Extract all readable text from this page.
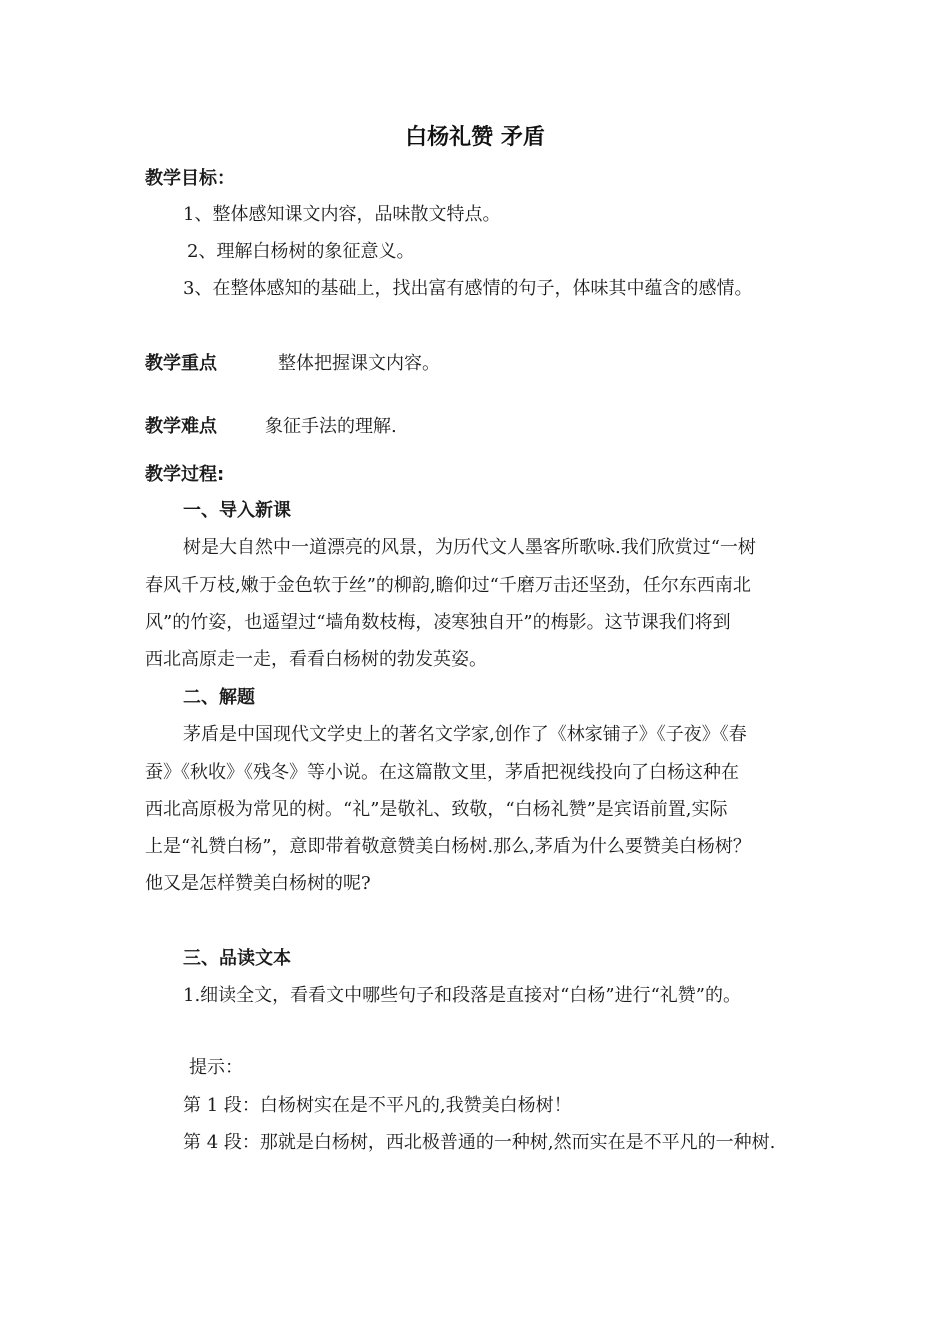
白杨礼赞 矛盾
教学目标：
1、整体感知课文内容，品味散文特点。
2、理解白杨树的象征意义。
3、在整体感知的基础上，找出富有感情的句子，体味其中蕴含的感情。
教学重点	整体把握课文内容。
教学难点	象征手法的理解.
教学过程:
一、导入新课
树是大自然中一道漂亮的风景，为历代文人墨客所歌咏.我们欣赏过“一树
春风千万枝,嫩于金色软于丝”的柳韵,瞻仰过“千磨万击还坚劲，任尔东西南北
风”的竹姿，也遥望过“墙角数枝梅，凌寒独自开”的梅影。这节课我们将到
西北高原走一走，看看白杨树的勃发英姿。
二、解题
茅盾是中国现代文学史上的著名文学家,创作了《林家铺子》《子夜》《春
蚕》《秋收》《残冬》等小说。在这篇散文里，茅盾把视线投向了白杨这种在
西北高原极为常见的树。“礼”是敬礼、致敬，“白杨礼赞”是宾语前置,实际
上是“礼赞白杨”，意即带着敬意赞美白杨树.那么,茅盾为什么要赞美白杨树？
他又是怎样赞美白杨树的呢?
三、品读文本
1.细读全文，看看文中哪些句子和段落是直接对“白杨”进行“礼赞”的。
提示：
第 1 段：白杨树实在是不平凡的,我赞美白杨树！
第 4 段：那就是白杨树，西北极普通的一种树,然而实在是不平凡的一种树.
